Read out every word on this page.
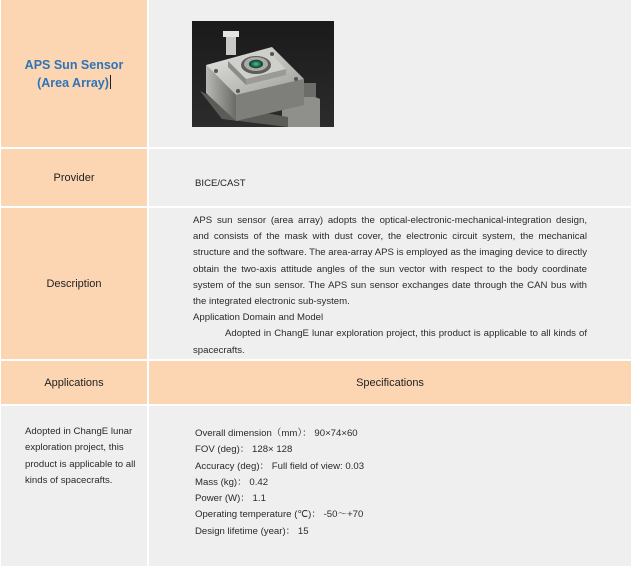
APS Sun Sensor
(Area Array)
Provider	BICE/CAST
Description

APS sun sensor (area array) adopts the optical-electronic-mechanical-integration design, and consists of the mask with dust cover, the electronic circuit system, the mechanical structure and the software. The area-array APS is employed as the imaging device to directly obtain the two-axis attitude angles of the sun vector with respect to the body coordinate system of the sun sensor. The APS sun sensor exchanges date through the CAN bus with the integrated electronic sub-system.

Application Domain and Model

Adopted in ChangE lunar exploration project, this product is applicable to all kinds of spacecrafts.

Applications	Specifications
Adopted in ChangE lunar exploration project, this product is applicable to all kinds of spacecrafts.
Overall dimension（mm）： 90×74×60
FOV (deg)： 128× 128
Accuracy (deg)： Full field of view: 0.03
Mass (kg)： 0.42
Power (W)： 1.1
Operating temperature (℃)： -50～+70
Design lifetime (year)： 15
